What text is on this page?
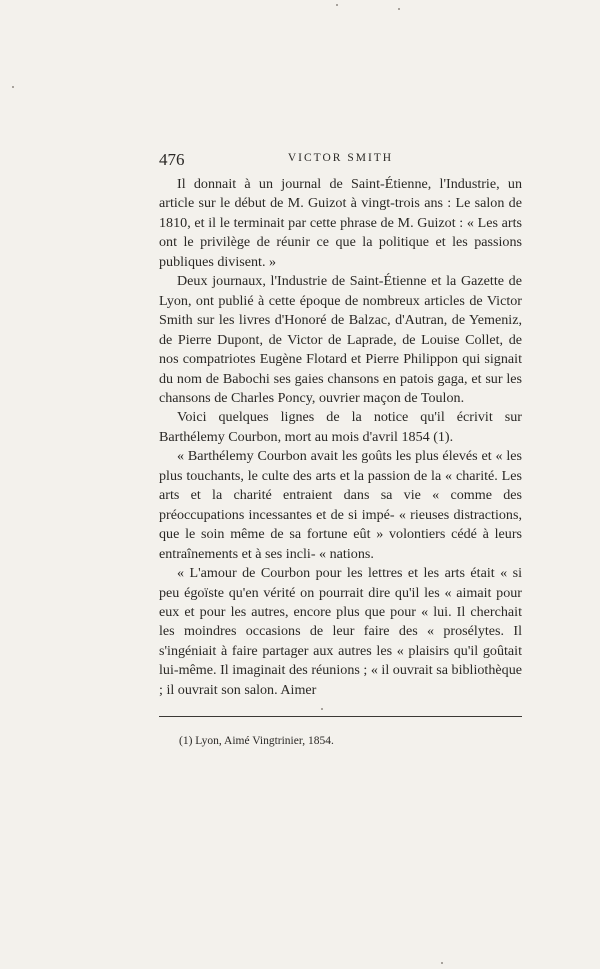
476	VICTOR SMITH

Il donnait à un journal de Saint-Étienne, l'Industrie, un article sur le début de M. Guizot à vingt-trois ans : Le salon de 1810, et il le terminait par cette phrase de M. Guizot : « Les arts ont le privilège de réunir ce que la politique et les passions publiques divisent. »

Deux journaux, l'Industrie de Saint-Étienne et la Gazette de Lyon, ont publié à cette époque de nombreux articles de Victor Smith sur les livres d'Honoré de Balzac, d'Autran, de Yemeniz, de Pierre Dupont, de Victor de Laprade, de Louise Collet, de nos compatriotes Eugène Flotard et Pierre Philippon qui signait du nom de Babochi ses gaies chansons en patois gaga, et sur les chansons de Charles Poncy, ouvrier maçon de Toulon.

Voici quelques lignes de la notice qu'il écrivit sur Barthélemy Courbon, mort au mois d'avril 1854 (1).

« Barthélemy Courbon avait les goûts les plus élevés et « les plus touchants, le culte des arts et la passion de la « charité. Les arts et la charité entraient dans sa vie « comme des préoccupations incessantes et de si impé- « rieuses distractions, que le soin même de sa fortune eût » volontiers cédé à leurs entraînements et à ses incli- « nations.

« L'amour de Courbon pour les lettres et les arts était « si peu égoïste qu'en vérité on pourrait dire qu'il les « aimait pour eux et pour les autres, encore plus que pour « lui. Il cherchait les moindres occasions de leur faire des « prosélytes. Il s'ingéniait à faire partager aux autres les « plaisirs qu'il goûtait lui-même. Il imaginait des réunions ; « il ouvrait sa bibliothèque ; il ouvrait son salon. Aimer

(1) Lyon, Aimé Vingtrinier, 1854.
